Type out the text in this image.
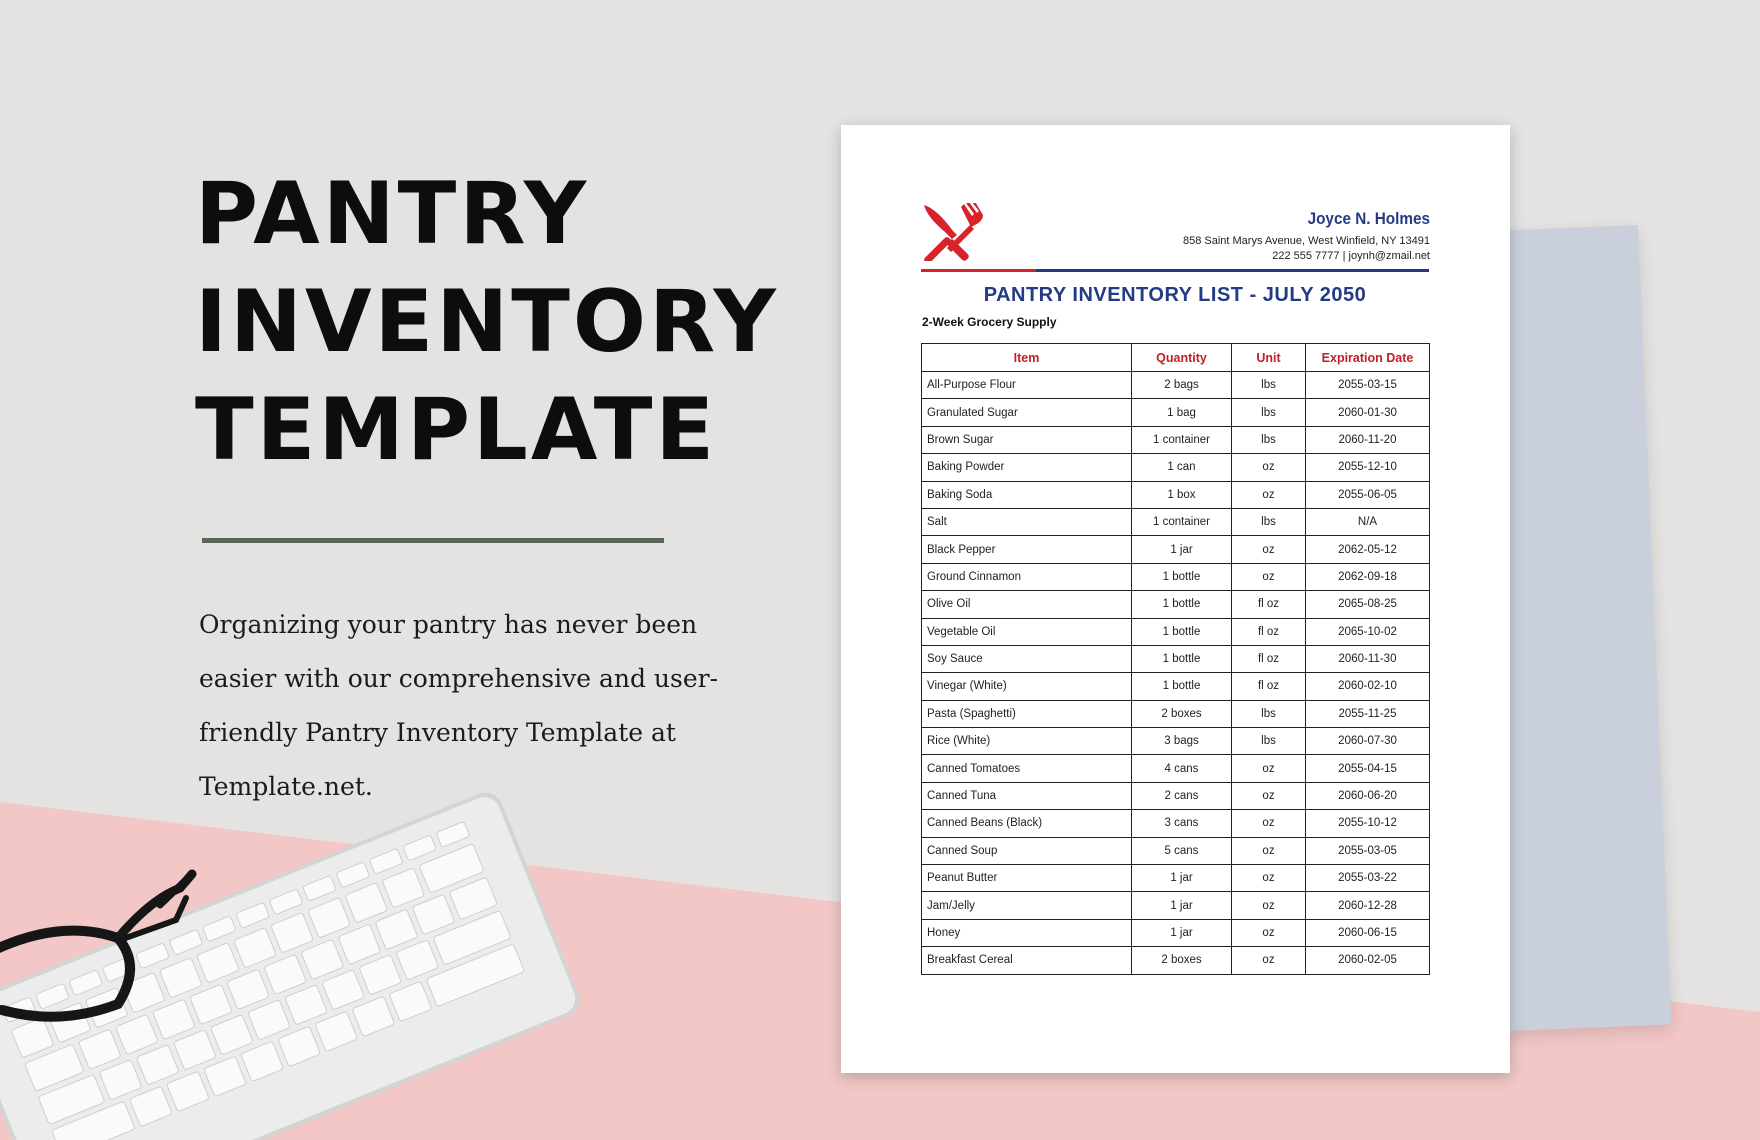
PANTRY
INVENTORY
TEMPLATE

Organizing your pantry has never been easier with our comprehensive and user-friendly Pantry Inventory Template at Template.net.

Joyce N. Holmes
858 Saint Marys Avenue, West Winfield, NY 13491
222 555 7777 | joynh@zmail.net
PANTRY INVENTORY LIST - JULY 2050
2-Week Grocery Supply
Item	Quantity	Unit	Expiration Date
All-Purpose Flour	2 bags	lbs	2055-03-15
Granulated Sugar	1 bag	lbs	2060-01-30
Brown Sugar	1 container	lbs	2060-11-20
Baking Powder	1 can	oz	2055-12-10
Baking Soda	1 box	oz	2055-06-05
Salt	1 container	lbs	N/A
Black Pepper	1 jar	oz	2062-05-12
Ground Cinnamon	1 bottle	oz	2062-09-18
Olive Oil	1 bottle	fl oz	2065-08-25
Vegetable Oil	1 bottle	fl oz	2065-10-02
Soy Sauce	1 bottle	fl oz	2060-11-30
Vinegar (White)	1 bottle	fl oz	2060-02-10
Pasta (Spaghetti)	2 boxes	lbs	2055-11-25
Rice (White)	3 bags	lbs	2060-07-30
Canned Tomatoes	4 cans	oz	2055-04-15
Canned Tuna	2 cans	oz	2060-06-20
Canned Beans (Black)	3 cans	oz	2055-10-12
Canned Soup	5 cans	oz	2055-03-05
Peanut Butter	1 jar	oz	2055-03-22
Jam/Jelly	1 jar	oz	2060-12-28
Honey	1 jar	oz	2060-06-15
Breakfast Cereal	2 boxes	oz	2060-02-05
